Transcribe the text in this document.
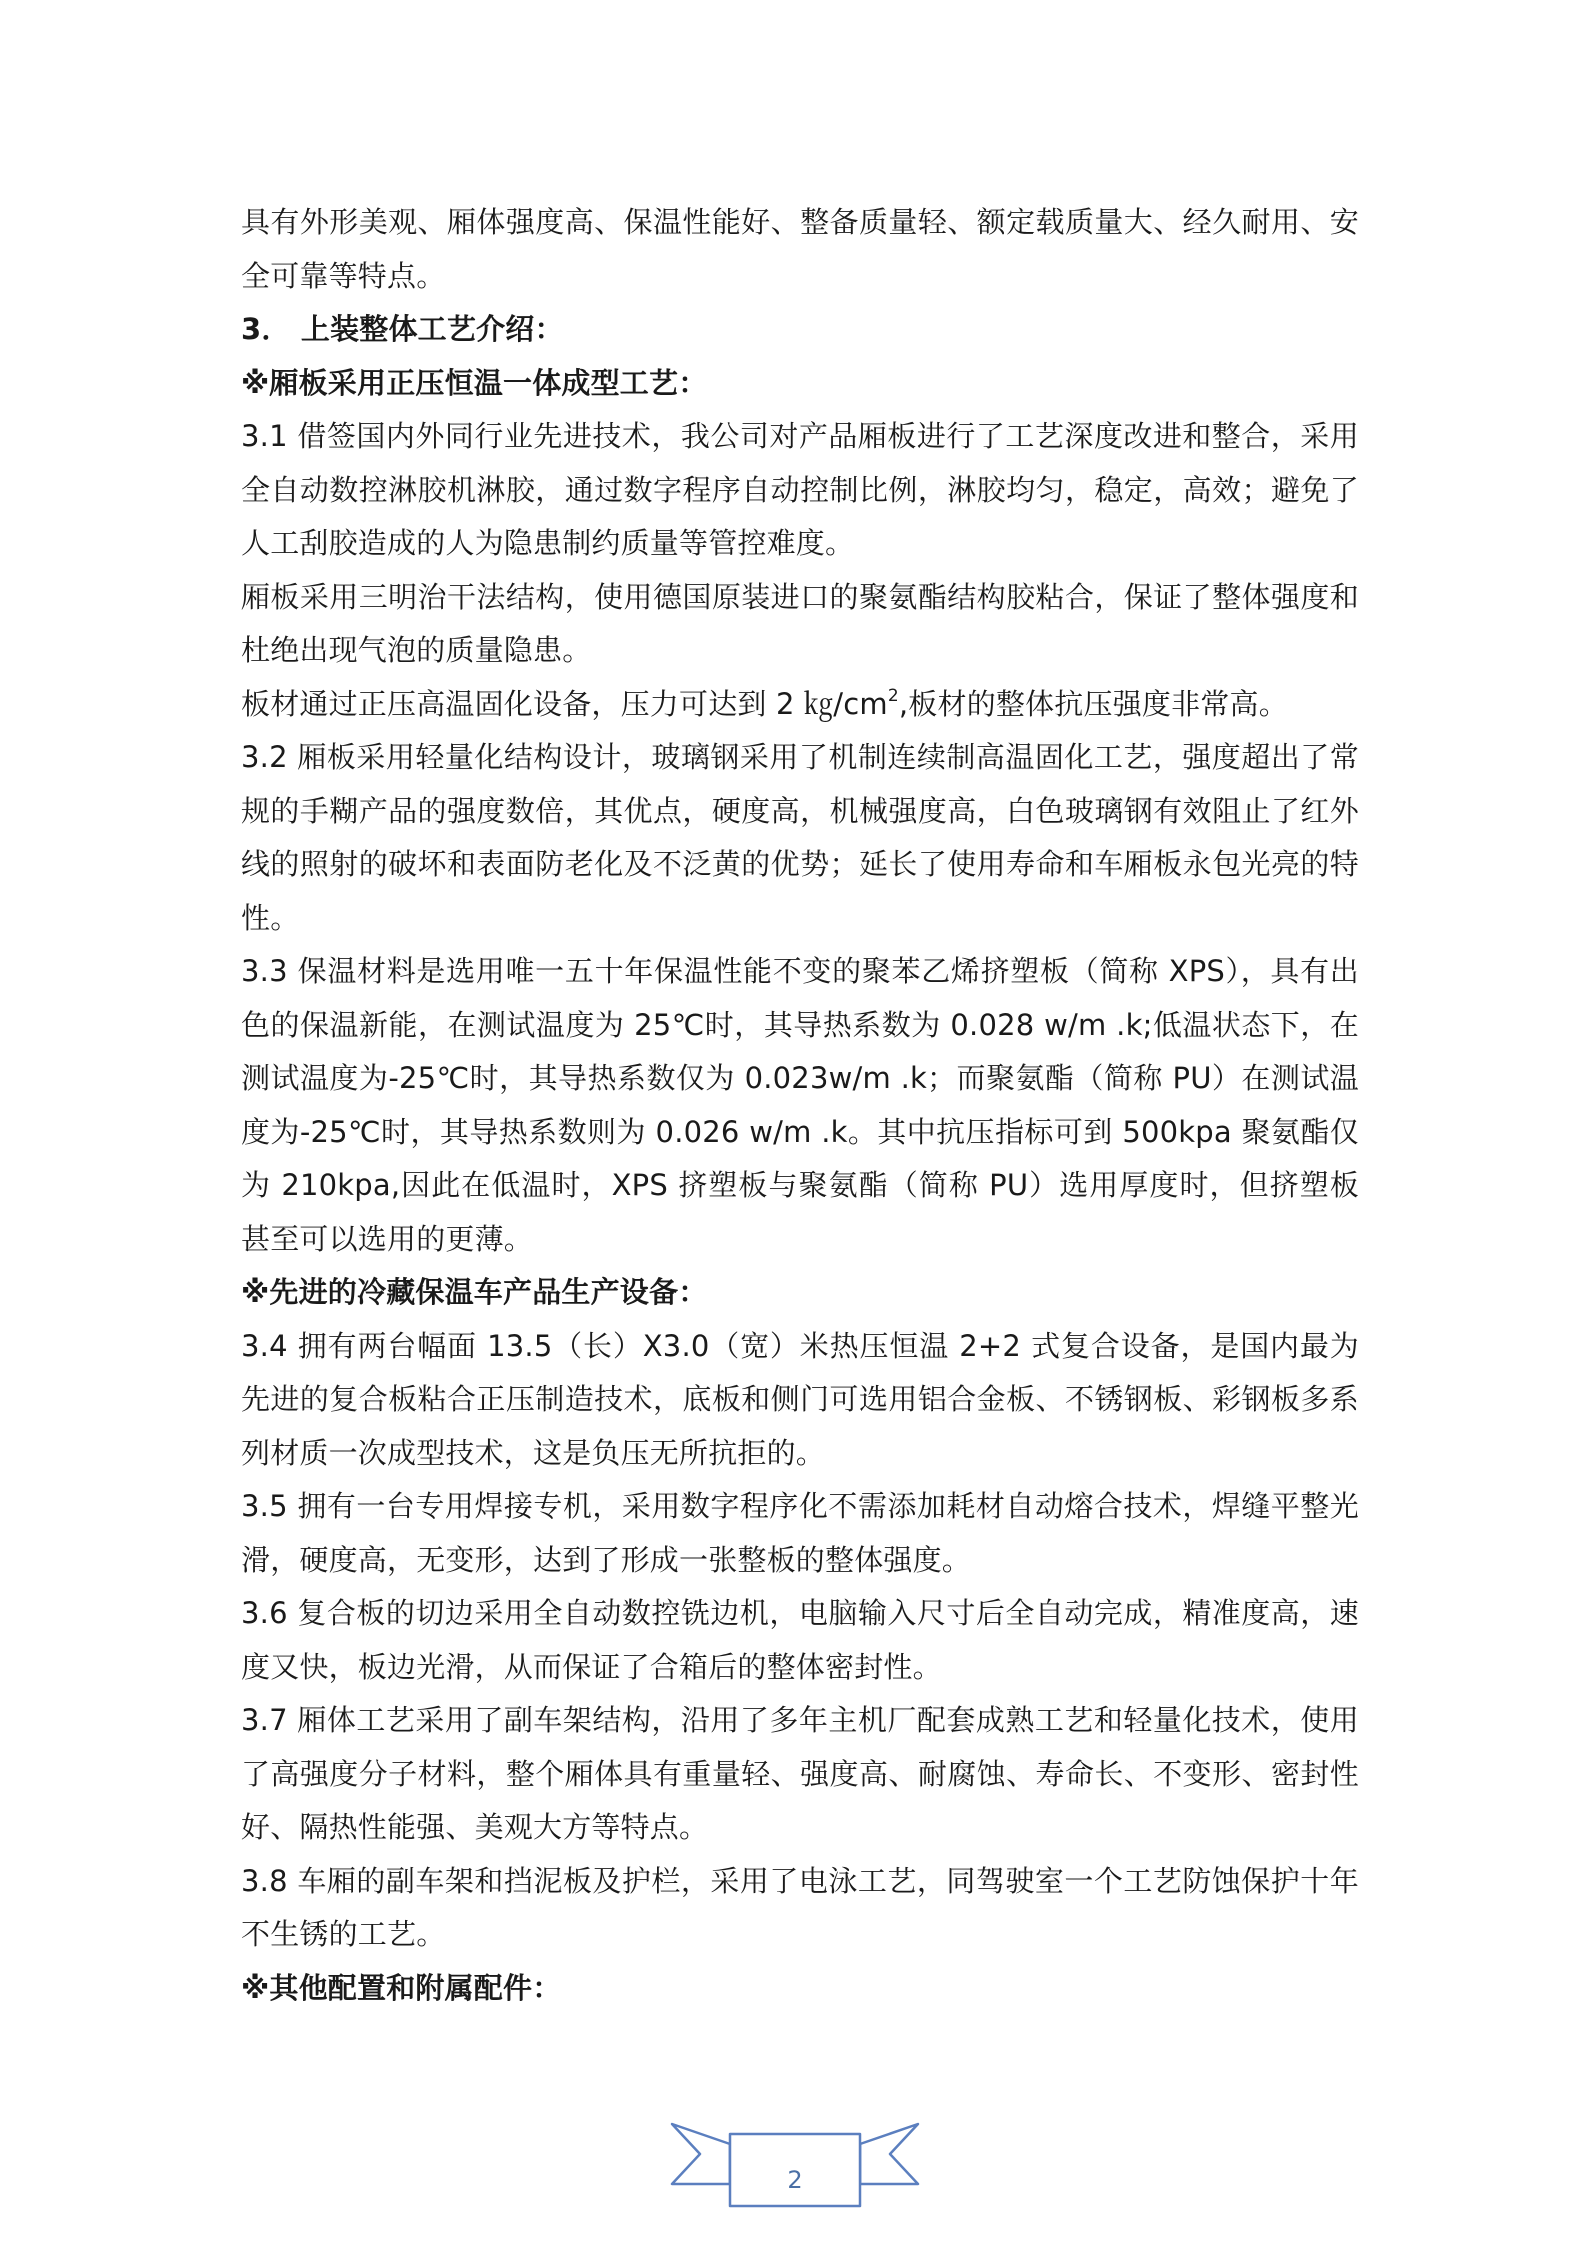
具有外形美观、厢体强度高、保温性能好、整备质量轻、额定载质量大、经久耐用、安全可靠等特点。

3． 上装整体工艺介绍：

※厢板采用正压恒温一体成型工艺：

3.1 借签国内外同行业先进技术，我公司对产品厢板进行了工艺深度改进和整合，采用全自动数控淋胶机淋胶，通过数字程序自动控制比例，淋胶均匀，稳定，高效；避免了人工刮胶造成的人为隐患制约质量等管控难度。

厢板采用三明治干法结构，使用德国原装进口的聚氨酯结构胶粘合，保证了整体强度和杜绝出现气泡的质量隐患。

板材通过正压高温固化设备，压力可达到 2 $㎏/cm^2$,板材的整体抗压强度非常高。

3.2 厢板采用轻量化结构设计，玻璃钢采用了机制连续制高温固化工艺，强度超出了常规的手糊产品的强度数倍，其优点，硬度高，机械强度高，白色玻璃钢有效阻止了红外线的照射的破坏和表面防老化及不泛黄的优势；延长了使用寿命和车厢板永包光亮的特性。

3.3 保温材料是选用唯一五十年保温性能不变的聚苯乙烯挤塑板（简称 XPS），具有出色的保温新能，在测试温度为 25℃时，其导热系数为 0.028 w/m .k;低温状态下，在测试温度为-25℃时，其导热系数仅为 0.023w/m .k；而聚氨酯（简称 PU）在测试温度为-25℃时，其导热系数则为 0.026 w/m .k。其中抗压指标可到 500kpa 聚氨酯仅为 210kpa,因此在低温时，XPS 挤塑板与聚氨酯（简称 PU）选用厚度时，但挤塑板甚至可以选用的更薄。

※先进的冷藏保温车产品生产设备：

3.4 拥有两台幅面 13.5（长）X3.0（宽）米热压恒温 2+2 式复合设备，是国内最为先进的复合板粘合正压制造技术，底板和侧门可选用铝合金板、不锈钢板、彩钢板多系列材质一次成型技术，这是负压无所抗拒的。

3.5 拥有一台专用焊接专机，采用数字程序化不需添加耗材自动熔合技术，焊缝平整光滑，硬度高，无变形，达到了形成一张整板的整体强度。

3.6 复合板的切边采用全自动数控铣边机，电脑输入尺寸后全自动完成，精准度高，速度又快，板边光滑，从而保证了合箱后的整体密封性。

3.7 厢体工艺采用了副车架结构，沿用了多年主机厂配套成熟工艺和轻量化技术，使用了高强度分子材料，整个厢体具有重量轻、强度高、耐腐蚀、寿命长、不变形、密封性好、隔热性能强、美观大方等特点。

3.8 车厢的副车架和挡泥板及护栏，采用了电泳工艺，同驾驶室一个工艺防蚀保护十年不生锈的工艺。

※其他配置和附属配件：

2
